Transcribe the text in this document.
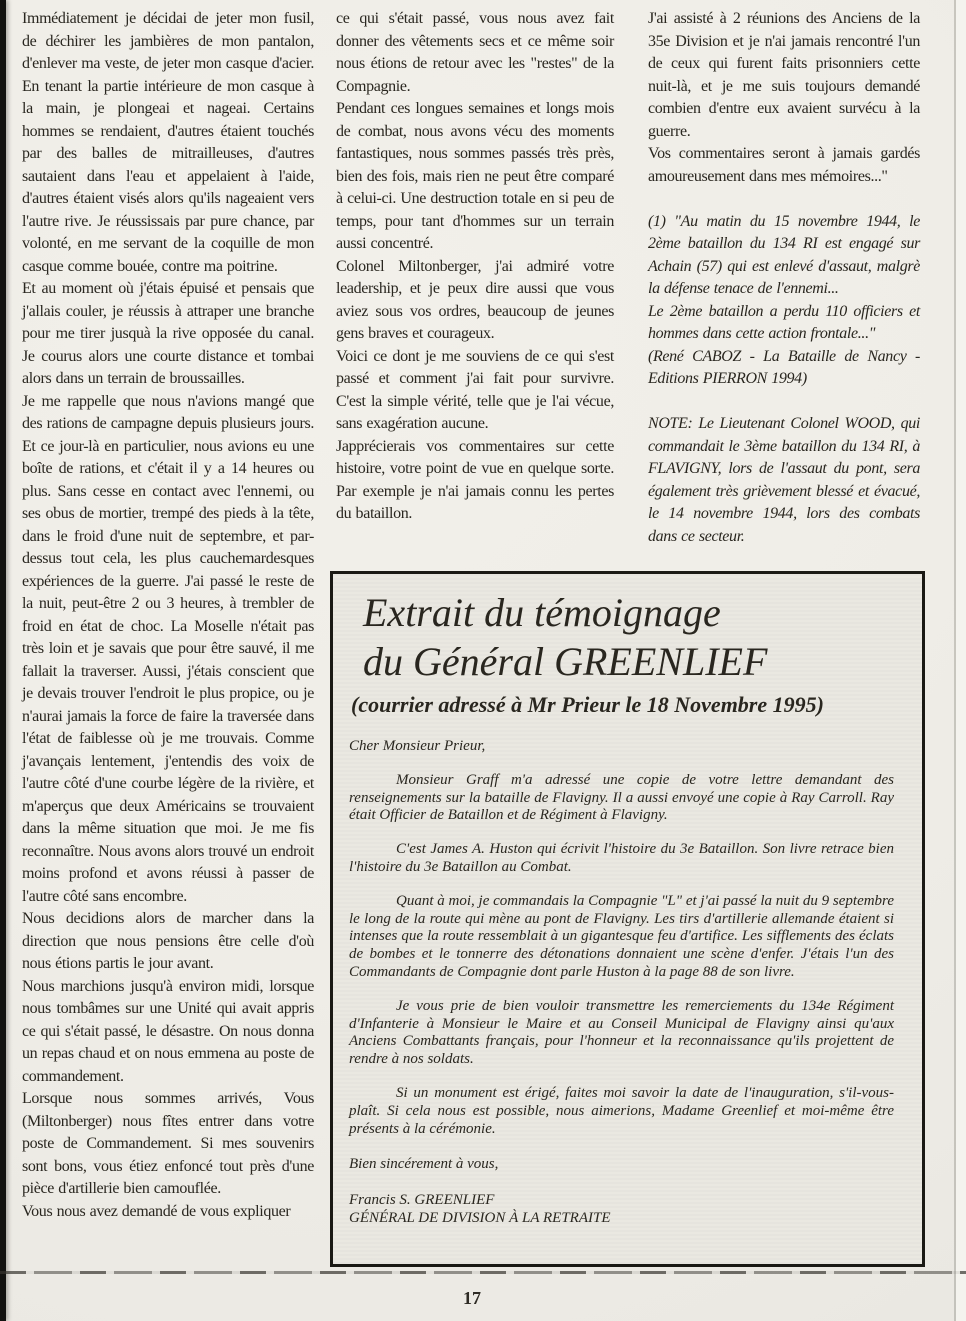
Immédiatement je décidai de jeter mon fusil, de déchirer les jambières de mon pantalon, d'enlever ma veste, de jeter mon casque d'acier. En tenant la partie intérieure de mon casque à la main, je plongeai et nageai. Certains hommes se rendaient, d'autres étaient touchés par des balles de mitrailleuses, d'autres sautaient dans l'eau et appelaient à l'aide, d'autres étaient visés alors qu'ils nageaient vers l'autre rive. Je réussissais par pure chance, par volonté, en me servant de la coquille de mon casque comme bouée, contre ma poitrine.

Et au moment où j'étais épuisé et pensais que j'allais couler, je réussis à attraper une branche pour me tirer jusquà la rive opposée du canal. Je courus alors une courte distance et tombai alors dans un terrain de broussailles.

Je me rappelle que nous n'avions mangé que des rations de campagne depuis plusieurs jours. Et ce jour-là en particulier, nous avions eu une boîte de rations, et c'était il y a 14 heures ou plus. Sans cesse en contact avec l'ennemi, ou ses obus de mortier, trempé des pieds à la tête, dans le froid d'une nuit de septembre, et par-dessus tout cela, les plus cauchemardesques expériences de la guerre. J'ai passé le reste de la nuit, peut-être 2 ou 3 heures, à trembler de froid en état de choc. La Moselle n'était pas très loin et je savais que pour être sauvé, il me fallait la traverser. Aussi, j'étais conscient que je devais trouver l'endroit le plus propice, ou je n'aurai jamais la force de faire la traversée dans l'état de faiblesse où je me trouvais. Comme j'avançais lentement, j'entendis des voix de l'autre côté d'une courbe légère de la rivière, et m'aperçus que deux Américains se trouvaient dans la même situation que moi. Je me fis reconnaître. Nous avons alors trouvé un endroit moins profond et avons réussi à passer de l'autre côté sans encombre.

Nous decidions alors de marcher dans la direction que nous pensions être celle d'où nous étions partis le jour avant.

Nous marchions jusqu'à environ midi, lorsque nous tombâmes sur une Unité qui avait appris ce qui s'était passé, le désastre. On nous donna un repas chaud et on nous emmena au poste de commandement.

Lorsque nous sommes arrivés, Vous (Miltonberger) nous fîtes entrer dans votre poste de Commandement. Si mes souvenirs sont bons, vous étiez enfoncé tout près d'une pièce d'artillerie bien camouflée.

Vous nous avez demandé de vous expliquer

ce qui s'était passé, vous nous avez fait donner des vêtements secs et ce même soir nous étions de retour avec les "restes" de la Compagnie.

Pendant ces longues semaines et longs mois de combat, nous avons vécu des moments fantastiques, nous sommes passés très près, bien des fois, mais rien ne peut être comparé à celui-ci. Une destruction totale en si peu de temps, pour tant d'hommes sur un terrain aussi concentré.

Colonel Miltonberger, j'ai admiré votre leadership, et je peux dire aussi que vous aviez sous vos ordres, beaucoup de jeunes gens braves et courageux.

Voici ce dont je me souviens de ce qui s'est passé et comment j'ai fait pour survivre. C'est la simple vérité, telle que je l'ai vécue, sans exagération aucune.

Japprécierais vos commentaires sur cette histoire, votre point de vue en quelque sorte. Par exemple je n'ai jamais connu les pertes du bataillon.

J'ai assisté à 2 réunions des Anciens de la 35e Division et je n'ai jamais rencontré l'un de ceux qui furent faits prisonniers cette nuit-là, et je me suis toujours demandé combien d'entre eux avaient survécu à la guerre.

Vos commentaires seront à jamais gardés amoureusement dans mes mémoires..."

(1) "Au matin du 15 novembre 1944, le 2ème bataillon du 134 RI est engagé sur Achain (57) qui est enlevé d'assaut, malgrè la défense tenace de l'ennemi...

Le 2ème bataillon a perdu 110 officiers et hommes dans cette action frontale..."

(René CABOZ - La Bataille de Nancy - Editions PIERRON 1994)

NOTE: Le Lieutenant Colonel WOOD, qui commandait le 3ème bataillon du 134 RI, à FLAVIGNY, lors de l'assaut du pont, sera également très grièvement blessé et évacué, le 14 novembre 1944, lors des combats dans ce secteur.

Extrait du témoignage
du Général GREENLIEF
(courrier adressé à Mr Prieur le 18 Novembre 1995)

Cher Monsieur Prieur,

Monsieur Graff m'a adressé une copie de votre lettre demandant des renseignements sur la bataille de Flavigny. Il a aussi envoyé une copie à Ray Carroll. Ray était Officier de Bataillon et de Régiment à Flavigny.

C'est James A. Huston qui écrivit l'histoire du 3e Bataillon. Son livre retrace bien l'histoire du 3e Bataillon au Combat.

Quant à moi, je commandais la Compagnie "L" et j'ai passé la nuit du 9 septembre le long de la route qui mène au pont de Flavigny. Les tirs d'artillerie allemande étaient si intenses que la route ressemblait à un gigantesque feu d'artifice. Les sifflements des éclats de bombes et le tonnerre des détonations donnaient une scène d'enfer. J'étais l'un des Commandants de Compagnie dont parle Huston à la page 88 de son livre.

Je vous prie de bien vouloir transmettre les remerciements du 134e Régiment d'Infanterie à Monsieur le Maire et au Conseil Municipal de Flavigny ainsi qu'aux Anciens Combattants français, pour l'honneur et la reconnaissance qu'ils projettent de rendre à nos soldats.

Si un monument est érigé, faites moi savoir la date de l'inauguration, s'il-vous-plaît. Si cela nous est possible, nous aimerions, Madame Greenlief et moi-même être présents à la cérémonie.

Bien sincérement à vous,

Francis S. GREENLIEF

GÉNÉRAL DE DIVISION À LA RETRAITE

17
